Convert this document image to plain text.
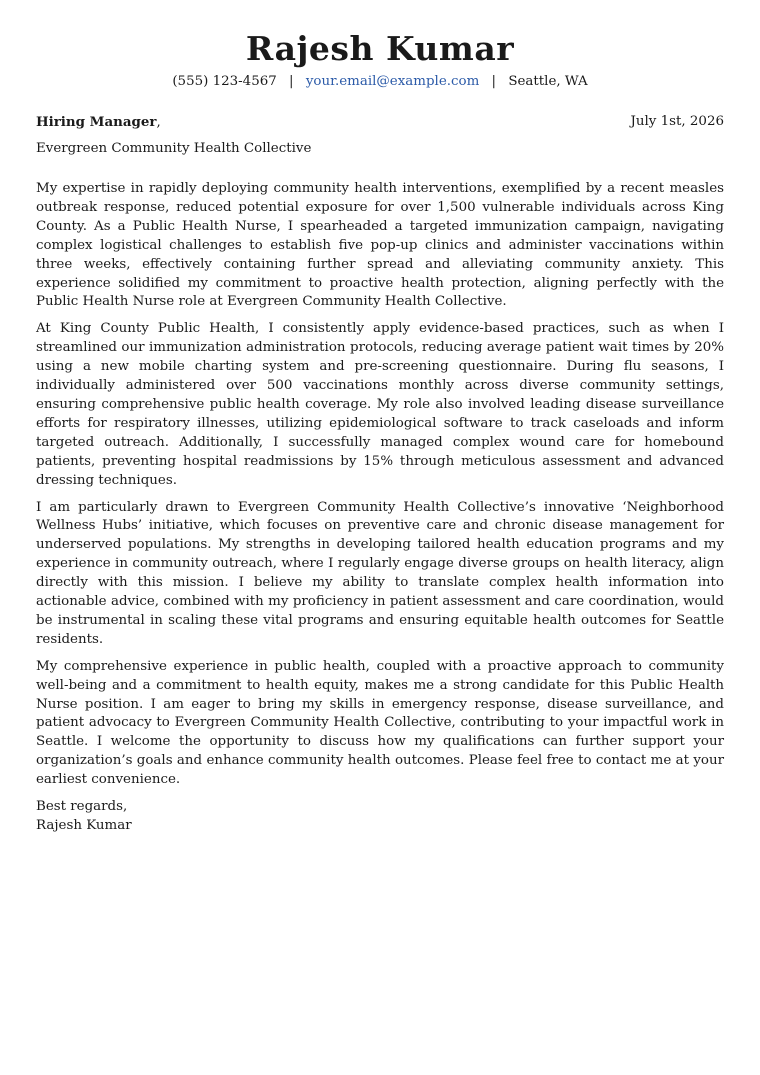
Rajesh Kumar
(555) 123-4567 | your.email@example.com | Seattle, WA
Hiring Manager,	July 1st, 2026
Evergreen Community Health Collective

My expertise in rapidly deploying community health interventions, exemplified by a recent measles outbreak response, reduced potential exposure for over 1,500 vulnerable individuals across King County. As a Public Health Nurse, I spearheaded a targeted immunization campaign, navigating complex logistical challenges to establish five pop-up clinics and administer vaccinations within three weeks, effectively containing further spread and alleviating community anxiety. This experience solidified my commitment to proactive health protection, aligning perfectly with the Public Health Nurse role at Evergreen Community Health Collective.

At King County Public Health, I consistently apply evidence-based practices, such as when I streamlined our immunization administration protocols, reducing average patient wait times by 20% using a new mobile charting system and pre-screening questionnaire. During flu seasons, I individually administered over 500 vaccinations monthly across diverse community settings, ensuring comprehensive public health coverage. My role also involved leading disease surveillance efforts for respiratory illnesses, utilizing epidemiological software to track caseloads and inform targeted outreach. Additionally, I successfully managed complex wound care for homebound patients, preventing hospital readmissions by 15% through meticulous assessment and advanced dressing techniques.

I am particularly drawn to Evergreen Community Health Collective’s innovative ‘Neighborhood Wellness Hubs’ initiative, which focuses on preventive care and chronic disease management for underserved populations. My strengths in developing tailored health education programs and my experience in community outreach, where I regularly engage diverse groups on health literacy, align directly with this mission. I believe my ability to translate complex health information into actionable advice, combined with my proficiency in patient assessment and care coordination, would be instrumental in scaling these vital programs and ensuring equitable health outcomes for Seattle residents.

My comprehensive experience in public health, coupled with a proactive approach to community well-being and a commitment to health equity, makes me a strong candidate for this Public Health Nurse position. I am eager to bring my skills in emergency response, disease surveillance, and patient advocacy to Evergreen Community Health Collective, contributing to your impactful work in Seattle. I welcome the opportunity to discuss how my qualifications can further support your organization’s goals and enhance community health outcomes. Please feel free to contact me at your earliest convenience.

Best regards,
Rajesh Kumar
